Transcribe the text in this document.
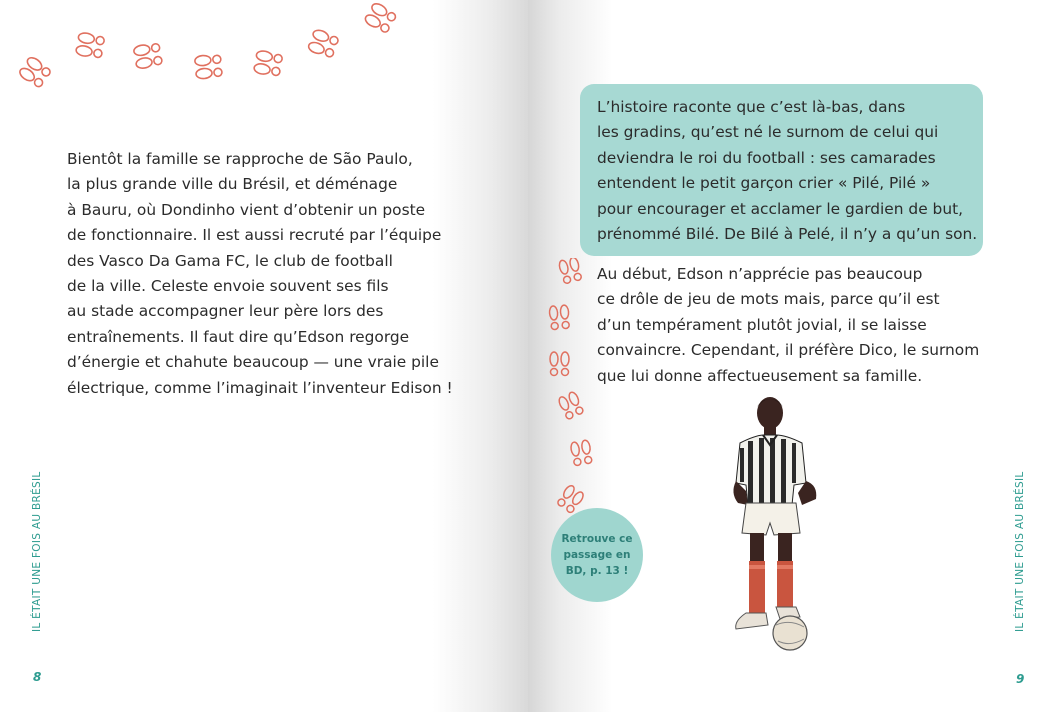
Bientôt la famille se rapproche de São Paulo,
la plus grande ville du Brésil, et déménage
à Bauru, où Dondinho vient d’obtenir un poste
de fonctionnaire. Il est aussi recruté par l’équipe
des Vasco Da Gama FC, le club de football
de la ville. Celeste envoie souvent ses fils
au stade accompagner leur père lors des
entraînements. Il faut dire qu’Edson regorge
d’énergie et chahute beaucoup — une vraie pile
électrique, comme l’imaginait l’inventeur Edison !
L’histoire raconte que c’est là-bas, dans
les gradins, qu’est né le surnom de celui qui
deviendra le roi du football : ses camarades
entendent le petit garçon crier « Pilé, Pilé »
pour encourager et acclamer le gardien de but,
prénommé Bilé. De Bilé à Pelé, il n’y a qu’un son.
Au début, Edson n’apprécie pas beaucoup
ce drôle de jeu de mots mais, parce qu’il est
d’un tempérament plutôt jovial, il se laisse
convaincre. Cependant, il préfère Dico, le surnom
que lui donne affectueusement sa famille.
Retrouve ce
passage en
BD, p. 13 !
IL ÉTAIT UNE FOIS AU BRÉSIL	IL ÉTAIT UNE FOIS AU BRÉSIL
8	9
